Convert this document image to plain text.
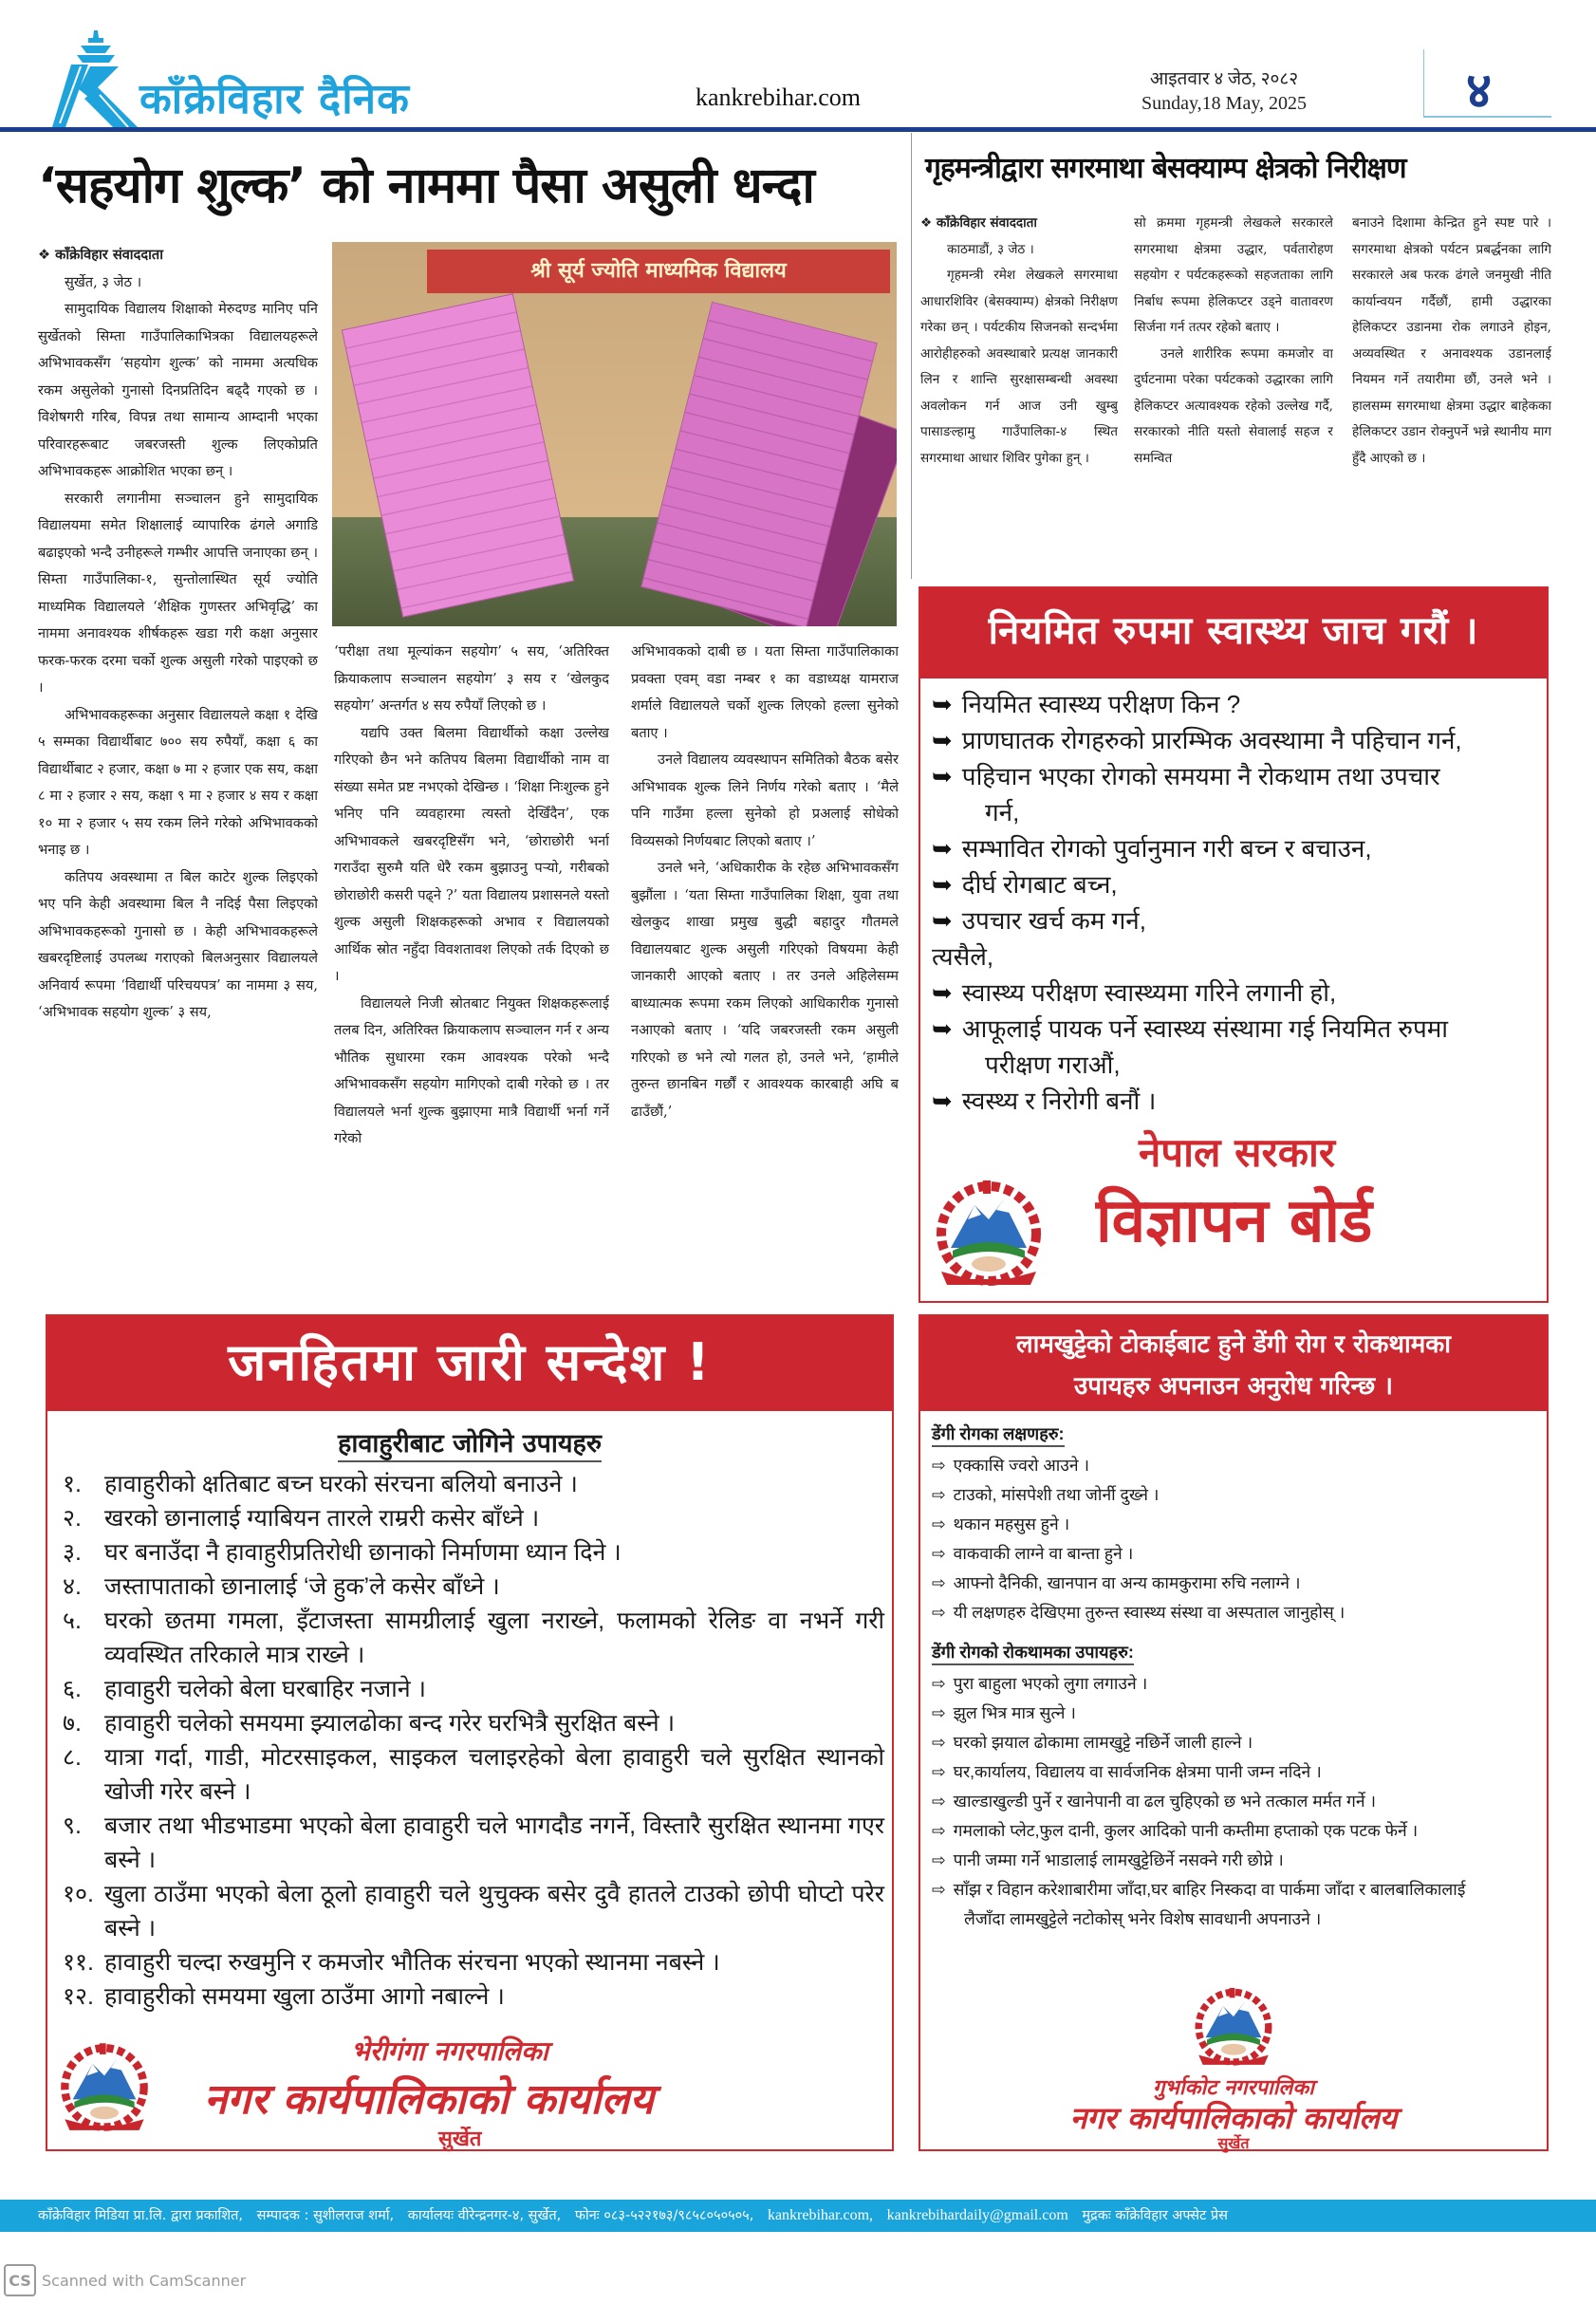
काँक्रेविहार दैनिक	kankrebihar.com
आइतवार ४ जेठ, २०८२
Sunday,18 May, 2025	४
‘सहयोग शुल्क’ को नाममा पैसा असुली धन्दा
❖ काँक्रेविहार संवाददाता
सुर्खेत, ३ जेठ ।

सामुदायिक विद्यालय शिक्षाको मेरुदण्ड मानिए पनि सुर्खेतको सिम्ता गाउँपालिकाभित्रका विद्यालयहरूले अभिभावकसँग ‘सहयोग शुल्क’ को नाममा अत्यधिक रकम असुलेको गुनासो दिनप्रतिदिन बढ्दै गएको छ । विशेषगरी गरिब, विपन्न तथा सामान्य आम्दानी भएका परिवारहरूबाट जबरजस्ती शुल्क लिएकोप्रति अभिभावकहरू आक्रोशित भएका छन् ।

सरकारी लगानीमा सञ्चालन हुने सामुदायिक विद्यालयमा समेत शिक्षालाई व्यापारिक ढंगले अगाडि बढाइएको भन्दै उनीहरूले गम्भीर आपत्ति जनाएका छन् । सिम्ता गाउँपालिका-१, सुन्तोलास्थित सूर्य ज्योति माध्यमिक विद्यालयले ‘शैक्षिक गुणस्तर अभिवृद्धि’ का नाममा अनावश्यक शीर्षकहरू खडा गरी कक्षा अनुसार फरक-फरक दरमा चर्को शुल्क असुली गरेको पाइएको छ ।

अभिभावकहरूका अनुसार विद्यालयले कक्षा १ देखि ५ सम्मका विद्यार्थीबाट ७०० सय रुपैयाँ, कक्षा ६ का विद्यार्थीबाट २ हजार, कक्षा ७ मा २ हजार एक सय, कक्षा ८ मा २ हजार २ सय, कक्षा ९ मा २ हजार ४ सय र कक्षा १० मा २ हजार ५ सय रकम लिने गरेको अभिभावकको भनाइ छ ।

कतिपय अवस्थामा त बिल काटेर शुल्क लिइएको भए पनि केही अवस्थामा बिल नै नदिई पैसा लिइएको अभिभावकहरूको गुनासो छ । केही अभिभावकहरूले खबरदृष्टिलाई उपलब्ध गराएको बिलअनुसार विद्यालयले अनिवार्य रूपमा ‘विद्यार्थी परिचयपत्र’ का नाममा ३ सय, ‘अभिभावक सहयोग शुल्क’ ३ सय,

श्री सूर्य ज्योति माध्यमिक विद्यालय

‘परीक्षा तथा मूल्यांकन सहयोग’ ५ सय, ‘अतिरिक्त क्रियाकलाप सञ्चालन सहयोग’ ३ सय र ‘खेलकुद सहयोग’ अन्तर्गत ४ सय रुपैयाँ लिएको छ ।

यद्यपि उक्त बिलमा विद्यार्थीको कक्षा उल्लेख गरिएको छैन भने कतिपय बिलमा विद्यार्थीको नाम वा संख्या समेत प्रष्ट नभएको देखिन्छ । ‘शिक्षा निःशुल्क हुने भनिए पनि व्यवहारमा त्यस्तो देखिँदैन’, एक अभिभावकले खबरदृष्टिसँग भने, ‘छोराछोरी भर्ना गराउँदा सुरुमै यति धेरै रकम बुझाउनु पर्‍यो, गरीबको छोराछोरी कसरी पढ्ने ?’ यता विद्यालय प्रशासनले यस्तो शुल्क असुली शिक्षकहरूको अभाव र विद्यालयको आर्थिक स्रोत नहुँदा विवशतावश लिएको तर्क दिएको छ ।

विद्यालयले निजी स्रोतबाट नियुक्त शिक्षकहरूलाई तलब दिन, अतिरिक्त क्रियाकलाप सञ्चालन गर्न र अन्य भौतिक सुधारमा रकम आवश्यक परेको भन्दै अभिभावकसँग सहयोग मागिएको दाबी गरेको छ । तर विद्यालयले भर्ना शुल्क बुझाएमा मात्रै विद्यार्थी भर्ना गर्ने गरेको

अभिभावकको दाबी छ । यता सिम्ता गाउँपालिकाका प्रवक्ता एवम् वडा नम्बर १ का वडाध्यक्ष यामराज शर्माले विद्यालयले चर्को शुल्क लिएको हल्ला सुनेको बताए ।

उनले विद्यालय व्यवस्थापन समितिको बैठक बसेर अभिभावक शुल्क लिने निर्णय गरेको बताए । ‘मैले पनि गाउँमा हल्ला सुनेको हो प्रअलाई सोधेको विव्यसको निर्णयबाट लिएको बताए ।’

उनले भने, ‘अधिकारीक के रहेछ अभिभावकसँग बुझौंला । ‘यता सिम्ता गाउँपालिका शिक्षा, युवा तथा खेलकुद शाखा प्रमुख बुद्धी बहादुर गौतमले विद्यालयबाट शुल्क असुली गरिएको विषयमा केही जानकारी आएको बताए । तर उनले अहिलेसम्म बाध्यात्मक रूपमा रकम लिएको आधिकारीक गुनासो नआएको बताए । ‘यदि जबरजस्ती रकम असुली गरिएको छ भने त्यो गलत हो, उनले भने, ‘हामीले तुरुन्त छानबिन गर्छौं र आवश्यक कारबाही अघि ब ढाउँछौं,’

गृहमन्त्रीद्वारा सगरमाथा बेसक्याम्प क्षेत्रको निरीक्षण
❖ काँक्रेविहार संवाददाता
काठमाडौं, ३ जेठ ।

गृहमन्त्री रमेश लेखकले सगरमाथा आधारशिविर (बेसक्याम्प) क्षेत्रको निरीक्षण गरेका छन् । पर्यटकीय सिजनको सन्दर्भमा आरोहीहरुको अवस्थाबारे प्रत्यक्ष जानकारी लिन र शान्ति सुरक्षासम्बन्धी अवस्था अवलोकन गर्न आज उनी खुम्बु पासाङल्हामु गाउँपालिका-४ स्थित सगरमाथा आधार शिविर पुगेका हुन् ।

सो क्रममा गृहमन्त्री लेखकले सरकारले सगरमाथा क्षेत्रमा उद्धार, पर्वतारोहण सहयोग र पर्यटकहरूको सहजताका लागि निर्बाध रूपमा हेलिकप्टर उड्ने वातावरण सिर्जना गर्न तत्पर रहेको बताए ।

उनले शारीरिक रूपमा कमजोर वा दुर्घटनामा परेका पर्यटकको उद्धारका लागि हेलिकप्टर अत्यावश्यक रहेको उल्लेख गर्दै, सरकारको नीति यस्तो सेवालाई सहज र समन्वित

बनाउने दिशामा केन्द्रित हुने स्पष्ट पारे । सगरमाथा क्षेत्रको पर्यटन प्रबर्द्धनका लागि सरकारले अब फरक ढंगले जनमुखी नीति कार्यान्वयन गर्दैछौं, हामी उद्धारका हेलिकप्टर उडानमा रोक लगाउने होइन, अव्यवस्थित र अनावश्यक उडानलाई नियमन गर्ने तयारीमा छौं, उनले भने । हालसम्म सगरमाथा क्षेत्रमा उद्धार बाहेकका हेलिकप्टर उडान रोक्नुपर्ने भन्ने स्थानीय माग हुँदै आएको छ ।

नियमित रुपमा स्वास्थ्य जाच गरौं ।
➥ नियमित स्वास्थ्य परीक्षण किन ?
➥ प्राणघातक रोगहरुको प्रारम्भिक अवस्थामा नै पहिचान गर्न,
➥ पहिचान भएका रोगको समयमा नै रोकथाम तथा उपचार
गर्न,
➥ सम्भावित रोगको पुर्वानुमान गरी बच्न र बचाउन,
➥ दीर्घ रोगबाट बच्न,
➥ उपचार खर्च कम गर्न,
त्यसैले,
➥ स्वास्थ्य परीक्षण स्वास्थ्यमा गरिने लगानी हो,
➥ आफूलाई पायक पर्ने स्वास्थ्य संस्थामा गई नियमित रुपमा
परीक्षण गराऔं,
➥ स्वस्थ्य र निरोगी बनौं ।
नेपाल सरकार
विज्ञापन बोर्ड
जनहितमा जारी सन्देश !
हावाहुरीबाट जोगिने उपायहरु
१. हावाहुरीको क्षतिबाट बच्न घरको संरचना बलियो बनाउने ।
२. खरको छानालाई ग्याबियन तारले राम्ररी कसेर बाँध्ने ।
३. घर बनाउँदा नै हावाहुरीप्रतिरोधी छानाको निर्माणमा ध्यान दिने ।
४. जस्तापाताको छानालाई ‘जे हुक’ले कसेर बाँध्ने ।
५. घरको छतमा गमला, इँटाजस्ता सामग्रीलाई खुला नराख्ने, फलामको रेलिङ वा नभर्ने गरी व्यवस्थित तरिकाले मात्र राख्ने ।
६. हावाहुरी चलेको बेला घरबाहिर नजाने ।
७. हावाहुरी चलेको समयमा झ्यालढोका बन्द गरेर घरभित्रै सुरक्षित बस्ने ।
८. यात्रा गर्दा, गाडी, मोटरसाइकल, साइकल चलाइरहेको बेला हावाहुरी चले सुरक्षित स्थानको खोजी गरेर बस्ने ।
९. बजार तथा भीडभाडमा भएको बेला हावाहुरी चले भागदौड नगर्ने, विस्तारै सुरक्षित स्थानमा गएर बस्ने ।
१०. खुला ठाउँमा भएको बेला ठूलो हावाहुरी चले थुचुक्क बसेर दुवै हातले टाउको छोपी घोप्टो परेर बस्ने ।
११. हावाहुरी चल्दा रुखमुनि र कमजोर भौतिक संरचना भएको स्थानमा नबस्ने ।
१२. हावाहुरीको समयमा खुला ठाउँमा आगो नबाल्ने ।
भेरीगंगा नगरपालिका
नगर कार्यपालिकाको कार्यालय
सुर्खेत
लामखुट्टेको टोकाईबाट हुने डेंगी रोग र रोकथामका
उपायहरु अपनाउन अनुरोध गरिन्छ ।
डेंगी रोगका लक्षणहरु:
⇨ एक्कासि ज्वरो आउने ।
⇨ टाउको, मांसपेशी तथा जोर्नी दुख्ने ।
⇨ थकान महसुस हुने ।
⇨ वाकवाकी लाग्ने वा बान्ता हुने ।
⇨ आफ्नो दैनिकी, खानपान वा अन्य कामकुरामा रुचि नलाग्ने ।
⇨ यी लक्षणहरु देखिएमा तुरुन्त स्वास्थ्य संस्था वा अस्पताल जानुहोस् ।
डेंगी रोगको रोकथामका उपायहरु:
⇨ पुरा बाहुला भएको लुगा लगाउने ।
⇨ झुल भित्र मात्र सुत्ने ।
⇨ घरको झयाल ढोकामा लामखुट्टे नछिर्ने जाली हाल्ने ।
⇨ घर,कार्यालय, विद्यालय वा सार्वजनिक क्षेत्रमा पानी जम्न नदिने ।
⇨ खाल्डाखुल्डी पुर्ने र खानेपानी वा ढल चुहिएको छ भने तत्काल मर्मत गर्ने ।
⇨ गमलाको प्लेट,फुल दानी, कुलर आदिको पानी कम्तीमा हप्ताको एक पटक फेर्ने ।
⇨ पानी जम्मा गर्ने भाडालाई लामखुट्टेछिर्ने नसक्ने गरी छोप्ने ।
⇨ साँझ र विहान करेशाबारीमा जाँदा,घर बाहिर निस्कदा वा पार्कमा जाँदा र बालबालिकालाई
लैजाँदा लामखुट्टेले नटोकोस् भनेर विशेष सावधानी अपनाउने ।
गुर्भाकोट नगरपालिका
नगर कार्यपालिकाको कार्यालय
सुर्खेत
काँक्रेविहार मिडिया प्रा.लि. द्वारा प्रकाशित, सम्पादक : सुशीलराज शर्मा, कार्यालयः वीरेन्द्रनगर-४, सुर्खेत, फोनः ०८३-५२२१७३/९८५८०५०५०५, kankrebihar.com, kankrebihardaily@gmail.com मुद्रकः काँक्रेविहार अफ्सेट प्रेस
CS Scanned with CamScanner
